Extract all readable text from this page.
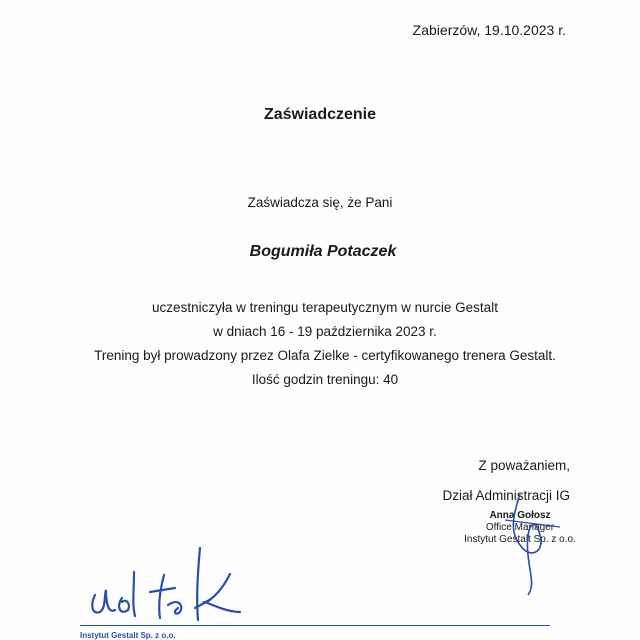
Zabierzów, 19.10.2023 r.
Zaświadczenie
Zaświadcza się, że Pani
Bogumiła Potaczek
uczestniczyła w treningu terapeutycznym w nurcie Gestalt
w dniach 16 - 19 października 2023 r.
Trening był prowadzony przez Olafa Zielke - certyfikowanego trenera Gestalt.
Ilość godzin treningu: 40
Z poważaniem,
Dział Administracji IG
Anna Gołosz
Office Manager
Instytut Gestalt Sp. z o.o.
Instytut Gestalt Sp. z o.o.
